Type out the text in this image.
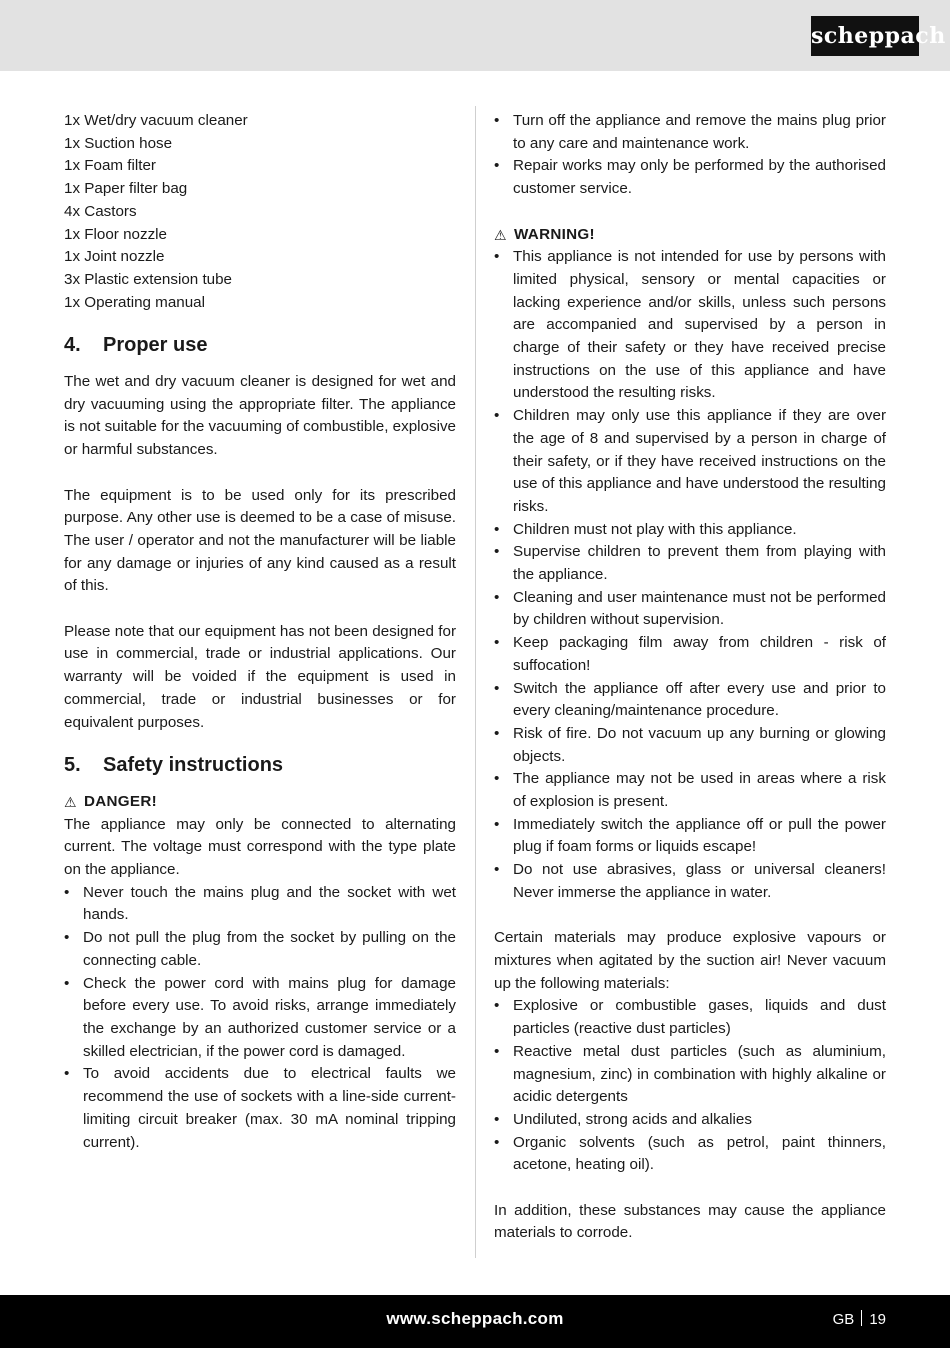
scheppach

1x Wet/dry vacuum cleaner

1x Suction hose

1x Foam filter

1x Paper filter bag

4x Castors

1x Floor nozzle

1x Joint nozzle

3x Plastic extension tube

1x Operating manual

4.	Proper use

The wet and dry vacuum cleaner is designed for wet and dry vacuuming using the appropriate filter. The appliance is not suitable for the vacuuming of combustible, explosive or harmful substances.

The equipment is to be used only for its prescribed purpose. Any other use is deemed to be a case of misuse. The user / operator and not the manufacturer will be liable for any damage or injuries of any kind caused as a result of this.

Please note that our equipment has not been designed for use in commercial, trade or industrial applications. Our warranty will be voided if the equipment is used in commercial, trade or industrial businesses or for equivalent purposes.

5.	Safety instructions

⚠ DANGER!

The appliance may only be connected to alternating current. The voltage must correspond with the type plate on the appliance.

• Never touch the mains plug and the socket with wet hands.
• Do not pull the plug from the socket by pulling on the connecting cable.
• Check the power cord with mains plug for damage before every use. To avoid risks, arrange immediately the exchange by an authorized customer service or a skilled electrician, if the power cord is damaged.
• To avoid accidents due to electrical faults we recommend the use of sockets with a line-side current-limiting circuit breaker (max. 30 mA nominal tripping current).
• Turn off the appliance and remove the mains plug prior to any care and maintenance work.
• Repair works may only be performed by the authorised customer service.

⚠ WARNING!

• This appliance is not intended for use by persons with limited physical, sensory or mental capacities or lacking experience and/or skills, unless such persons are accompanied and supervised by a person in charge of their safety or they have received precise instructions on the use of this appliance and have understood the resulting risks.
• Children may only use this appliance if they are over the age of 8 and supervised by a person in charge of their safety, or if they have received instructions on the use of this appliance and have understood the resulting risks.
• Children must not play with this appliance.
• Supervise children to prevent them from playing with the appliance.
• Cleaning and user maintenance must not be performed by children without supervision.
• Keep packaging film away from children - risk of suffocation!
• Switch the appliance off after every use and prior to every cleaning/maintenance procedure.
• Risk of fire. Do not vacuum up any burning or glowing objects.
• The appliance may not be used in areas where a risk of explosion is present.
• Immediately switch the appliance off or pull the power plug if foam forms or liquids escape!
• Do not use abrasives, glass or universal cleaners! Never immerse the appliance in water.

Certain materials may produce explosive vapours or mixtures when agitated by the suction air! Never vacuum up the following materials:

• Explosive or combustible gases, liquids and dust particles (reactive dust particles)
• Reactive metal dust particles (such as aluminium, magnesium, zinc) in combination with highly alkaline or acidic detergents
• Undiluted, strong acids and alkalies
• Organic solvents (such as petrol, paint thinners, acetone, heating oil).

In addition, these substances may cause the appliance materials to corrode.

www.scheppach.com	GB 19
